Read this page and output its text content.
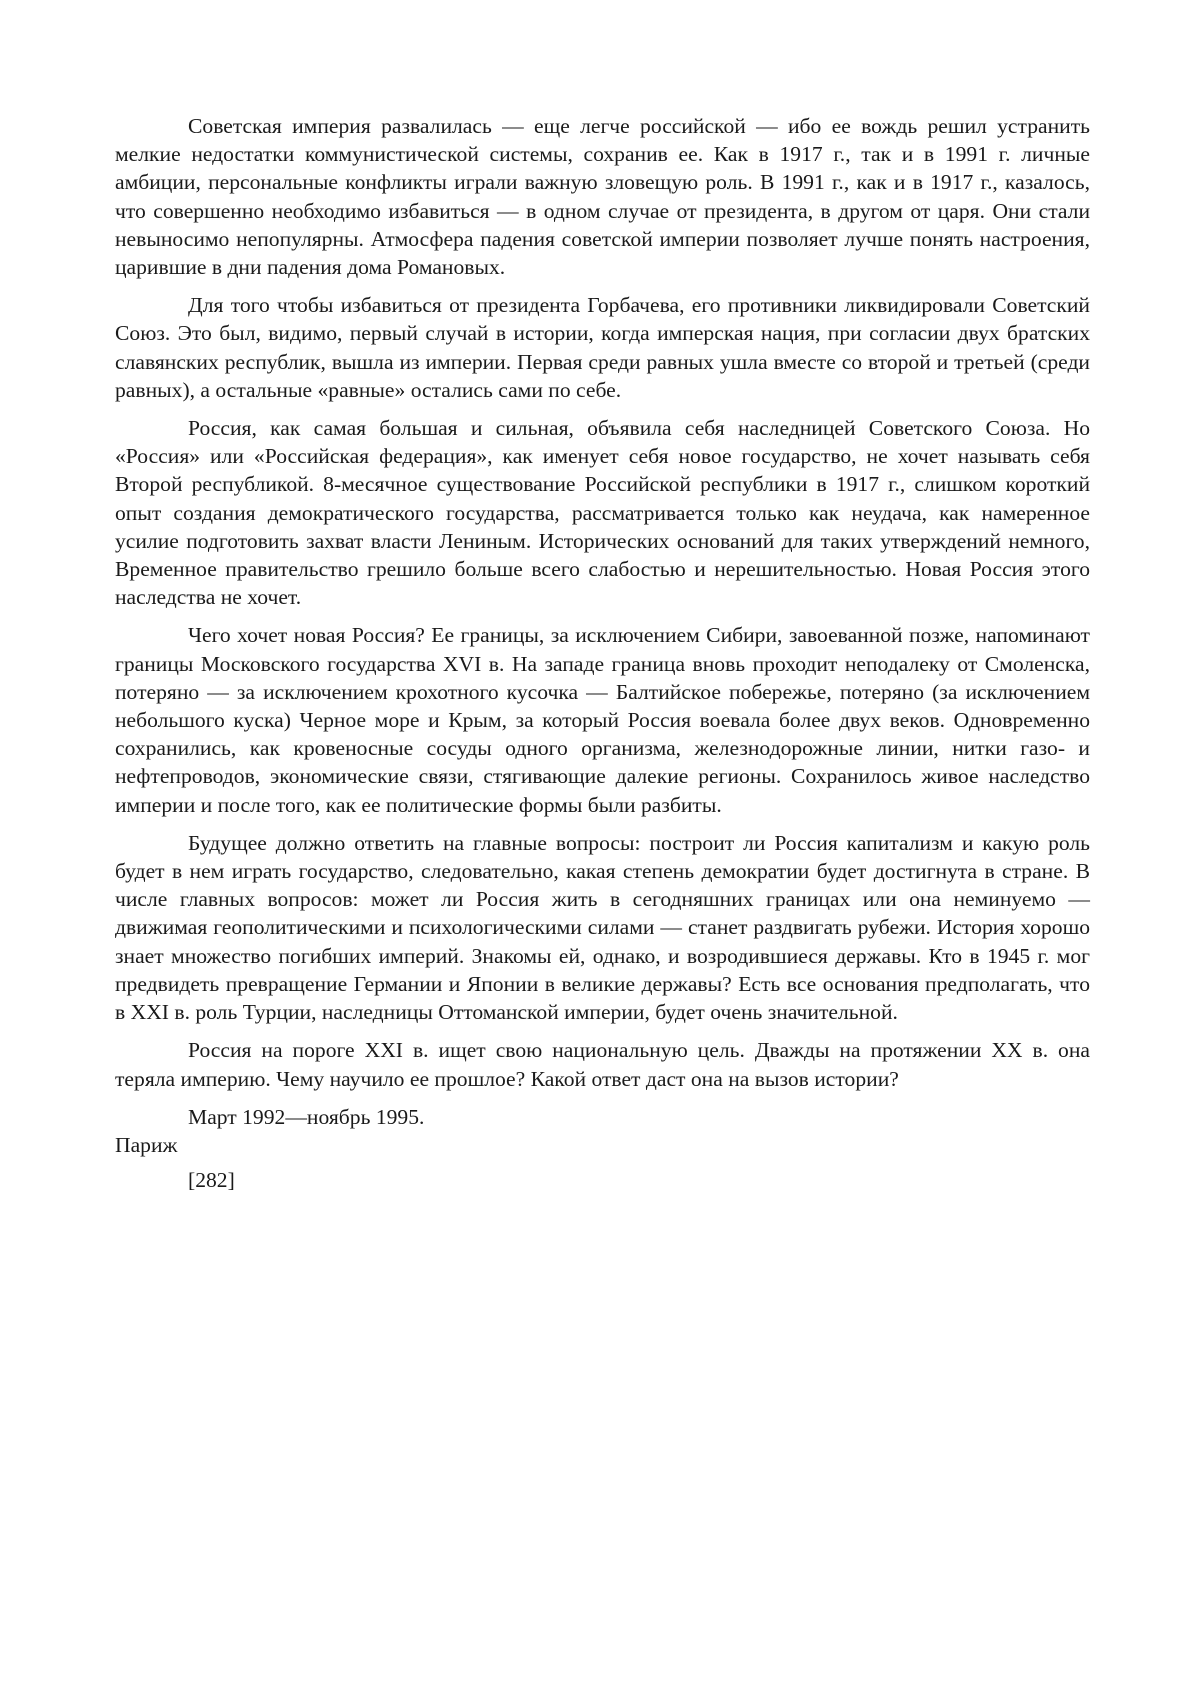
Советская империя развалилась — еще легче российской — ибо ее вождь решил устранить мелкие недостатки коммунистической системы, сохранив ее. Как в 1917 г., так и в 1991 г. личные амбиции, персональные конфликты играли важную зловещую роль. В 1991 г., как и в 1917 г., казалось, что совершенно необходимо избавиться — в одном случае от президента, в другом от царя. Они стали невыносимо непопулярны. Атмосфера падения советской империи позволяет лучше понять настроения, царившие в дни падения дома Романовых.

Для того чтобы избавиться от президента Горбачева, его противники ликвидировали Советский Союз. Это был, видимо, первый случай в истории, когда имперская нация, при согласии двух братских славянских республик, вышла из империи. Первая среди равных ушла вместе со второй и третьей (среди равных), а остальные «равные» остались сами по себе.

Россия, как самая большая и сильная, объявила себя наследницей Советского Союза. Но «Россия» или «Российская федерация», как именует себя новое государство, не хочет называть себя Второй республикой. 8-месячное существование Российской республики в 1917 г., слишком короткий опыт создания демократического государства, рассматривается только как неудача, как намеренное усилие подготовить захват власти Лениным. Исторических оснований для таких утверждений немного, Временное правительство грешило больше всего слабостью и нерешительностью. Новая Россия этого наследства не хочет.

Чего хочет новая Россия? Ее границы, за исключением Сибири, завоеванной позже, напоминают границы Московского государства XVI в. На западе граница вновь проходит неподалеку от Смоленска, потеряно — за исключением крохотного кусочка — Балтийское побережье, потеряно (за исключением небольшого куска) Черное море и Крым, за который Россия воевала более двух веков. Одновременно сохранились, как кровеносные сосуды одного организма, железнодорожные линии, нитки газо- и нефтепроводов, экономические связи, стягивающие далекие регионы. Сохранилось живое наследство империи и после того, как ее политические формы были разбиты.

Будущее должно ответить на главные вопросы: построит ли Россия капитализм и какую роль будет в нем играть государство, следовательно, какая степень демократии будет достигнута в стране. В числе главных вопросов: может ли Россия жить в сегодняшних границах или она неминуемо — движимая геополитическими и психологическими силами — станет раздвигать рубежи. История хорошо знает множество погибших империй. Знакомы ей, однако, и возродившиеся державы. Кто в 1945 г. мог предвидеть превращение Германии и Японии в великие державы? Есть все основания предполагать, что в XXI в. роль Турции, наследницы Оттоманской империи, будет очень значительной.

Россия на пороге XXI в. ищет свою национальную цель. Дважды на протяжении XX в. она теряла империю. Чему научило ее прошлое? Какой ответ даст она на вызов истории?

Март 1992—ноябрь 1995.

Париж

[282]
